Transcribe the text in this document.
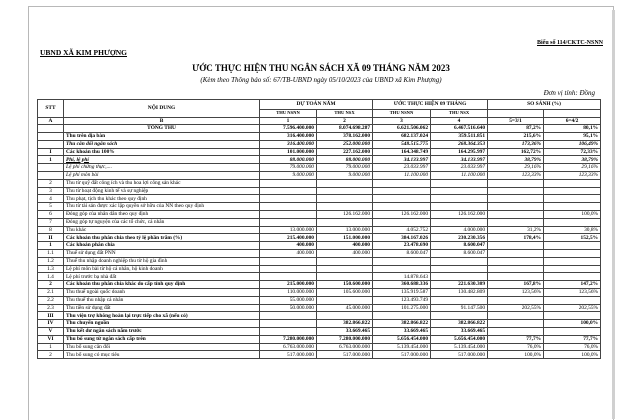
Biểu số 114/CKTC-NSNN
UBND XÃ KIM PHƯỢNG
ƯỚC THỰC HIỆN THU NGÂN SÁCH XÃ 09 THÁNG NĂM 2023
(Kèm theo Thông báo số: 67/TB-UBND ngày 05/10/2023 của UBND xã Kim Phượng)
Đơn vị tính: Đồng
STT	NỘI DUNG	DỰ TOÁN NĂM		ƯỚC THỰC HIỆN 09 THÁNG		SO SÁNH (%)	
		THU NSNN	THU NSX	THU NSNN	THU NSX		
A	B	1	2	3	4	5=3/1	6=4/2
	TỔNG THU	7.596.400.000	8.074.698.287	6.621.506.062	6.467.516.640	87,2%	80,1%
	Thu trên địa bàn	316.400.000	378.162.000	682.137.024	359.511.851	215,6%	95,1%
	Thu cân đối ngân sách	316.400.000	252.000.000	548.515.775	268.364.353	173,36%	106,49%
I	Các khoản thu 100%	101.000.000	227.162.000	164.348.749	164.295.997	162,72%	72,33%
1	Phí, lệ phí	88.000.000	88.000.000	34.133.997	34.133.997	38,79%	38,79%
	Lệ phí chứng thực,....	79.000.000	79.000.000	23.033.997	23.033.997	29,16%	29,16%
	Lệ phí môn bài	9.000.000	9.000.000	11.100.000	11.100.000	123,33%	123,33%
2	Thu từ quỹ đất công ích và thu hoa lợi công sản khác						
3	Thu từ hoạt động kinh tế và sự nghiệp						
4	Thu phạt, tịch thu khác theo quy định						
5	Thu từ tài sản được xác lập quyền sở hữu của NN theo quy định						
6	Đóng góp của nhân dân theo quy định		126.162.000	126.162.000	126.162.000		100,0%
7	Đóng góp tự nguyện của các tổ chức, cá nhân						
8	Thu khác	13.000.000	13.000.000	4.052.752	4.000.000	31,2%	30,8%
II	Các khoản thu phân chia theo tỷ lệ phần trăm (%)	215.400.000	151.000.000	384.167.026	230.230.356	178,4%	152,5%
1	Các khoản phân chia	400.000	400.000	23.478.690	8.600.047		
1.1	Thuế sử dụng đất PNN	400.000	400.000	8.600.047	8.600.047		
1.2	Thuế thu nhập doanh nghiệp thu từ hộ gia đình						
1.3	Lệ phí môn bài từ hộ cá nhân, hộ kinh doanh						
1.4	Lệ phí trước bạ nhà đất			14.878.643			
2	Các khoản thu phân chia khác do cấp tỉnh quy định	215.000.000	150.600.000	360.688.336	221.630.309	167,8%	147,2%
2.1	Thu thuế ngoài quốc doanh	110.000.000	105.600.000	135.919.587	130.482.809	123,56%	123,56%
2.2	Thu thuế thu nhập cá nhân	55.000.000		123.493.749			
2.3	Thu tiền sử dụng đất	50.000.000	45.000.000	101.275.000	91.147.500	202,55%	202,55%
III	Thu viện trợ không hoàn lại trực tiếp cho xã (nếu có)						
IV	Thu chuyển nguồn		382.866.822	382.866.822	382.866.822		100,0%
V	Thu kết dư ngân sách năm trước		33.669.465	33.669.465	33.669.465		
VI	Thu bổ sung từ ngân sách cấp trên	7.280.000.000	7.280.000.000	5.656.454.000	5.656.454.000	77,7%	77,7%
1	Thu bổ sung cân đối	6.763.000.000	6.763.000.000	5.139.454.000	5.139.454.000	76,0%	76,0%
2	Thu bổ sung có mục tiêu	517.000.000	517.000.000	517.000.000	517.000.000	100,0%	100,0%
